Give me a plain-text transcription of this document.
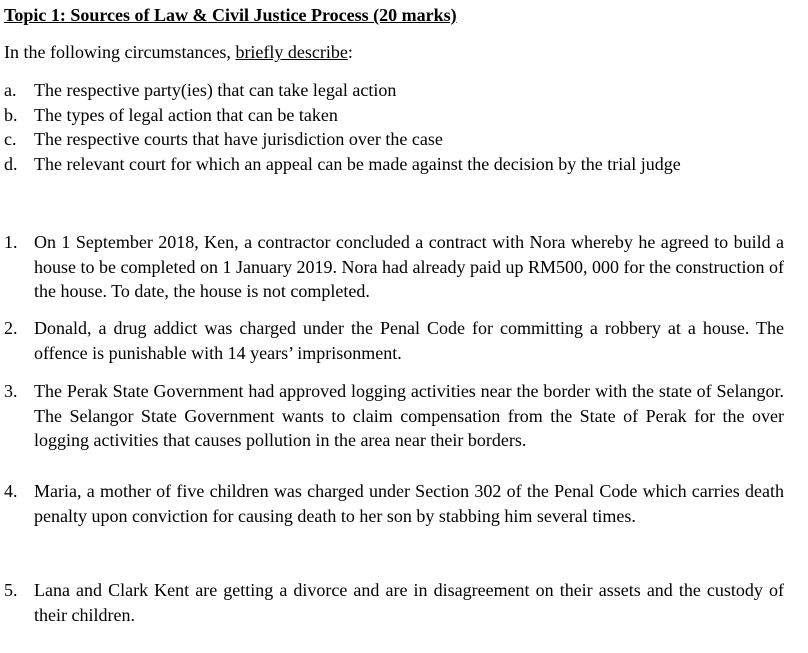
Topic 1: Sources of Law & Civil Justice Process (20 marks)
In the following circumstances, briefly describe:
a. The respective party(ies) that can take legal action
b. The types of legal action that can be taken
c. The respective courts that have jurisdiction over the case
d. The relevant court for which an appeal can be made against the decision by the trial judge
1. On 1 September 2018, Ken, a contractor concluded a contract with Nora whereby he agreed to build a house to be completed on 1 January 2019. Nora had already paid up RM500, 000 for the construction of the house. To date, the house is not completed.
2. Donald, a drug addict was charged under the Penal Code for committing a robbery at a house. The offence is punishable with 14 years’ imprisonment.
3. The Perak State Government had approved logging activities near the border with the state of Selangor. The Selangor State Government wants to claim compensation from the State of Perak for the over logging activities that causes pollution in the area near their borders.
4. Maria, a mother of five children was charged under Section 302 of the Penal Code which carries death penalty upon conviction for causing death to her son by stabbing him several times.
5. Lana and Clark Kent are getting a divorce and are in disagreement on their assets and the custody of their children.
